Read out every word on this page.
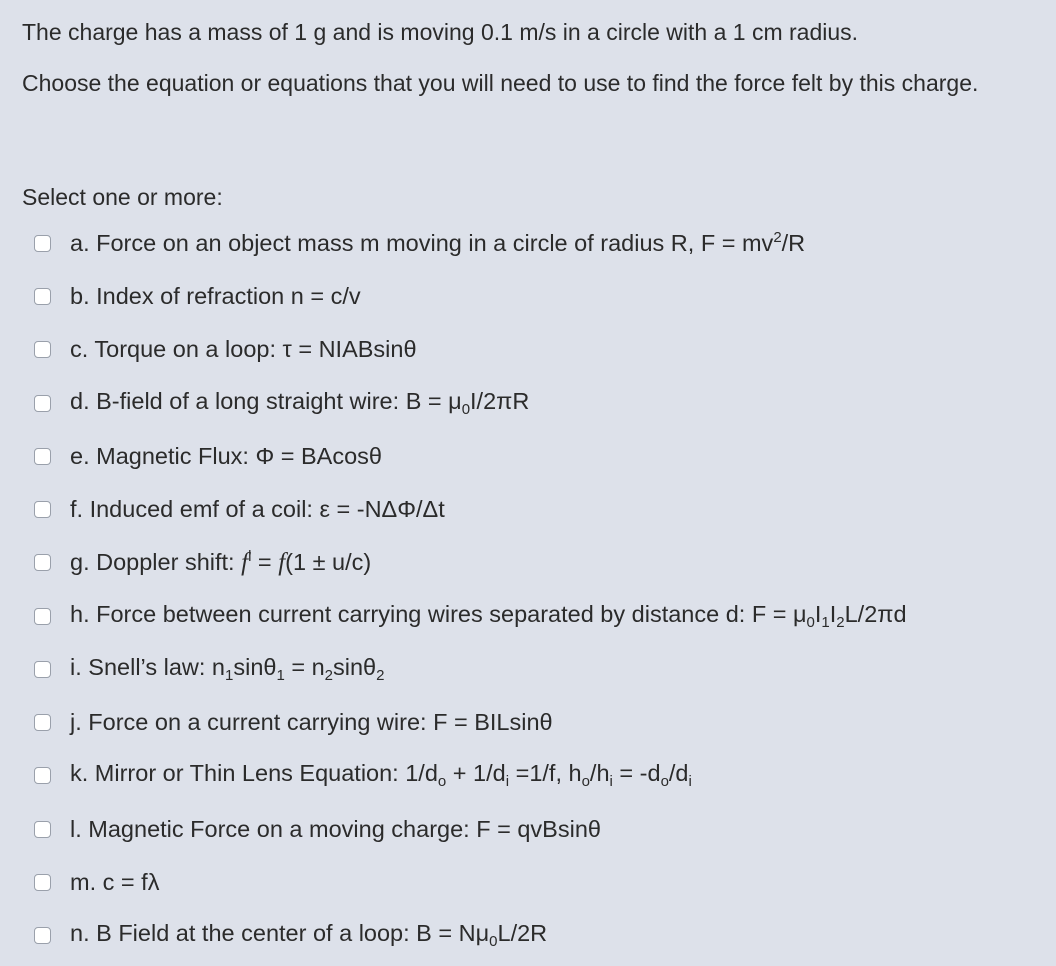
The charge has a mass of 1 g and is moving 0.1 m/s in a circle with a 1 cm radius.

Choose the equation or equations that you will need to use to find the force felt by this charge.

Select one or more:

a. Force on an object mass m moving in a circle of radius R, $F = mv^2/R$
b. Index of refraction n = c/v
c. Torque on a loop: τ = NIABsinθ
d. B-field of a long straight wire: $B = \mu_0I/2\pi R$
e. Magnetic Flux: Φ = BAcosθ
f. Induced emf of a coil: ε = -NΔΦ/Δt
g. Doppler shift: $f^l = f(1 \pm u/c)$
h. Force between current carrying wires separated by distance d: $F = \mu_0I_1I_2L/2\pi d$
i. Snell’s law: $n_1\sin\theta_1 = n_2\sin\theta_2$
j. Force on a current carrying wire: F = BILsinθ
k. Mirror or Thin Lens Equation: $1/d_o + 1/d_i =1/f$, $h_o/h_i = -d_o/d_i$
l. Magnetic Force on a moving charge: F = qvBsinθ
m. c = fλ
n. B Field at the center of a loop: $B = N\mu_0L/2R$
